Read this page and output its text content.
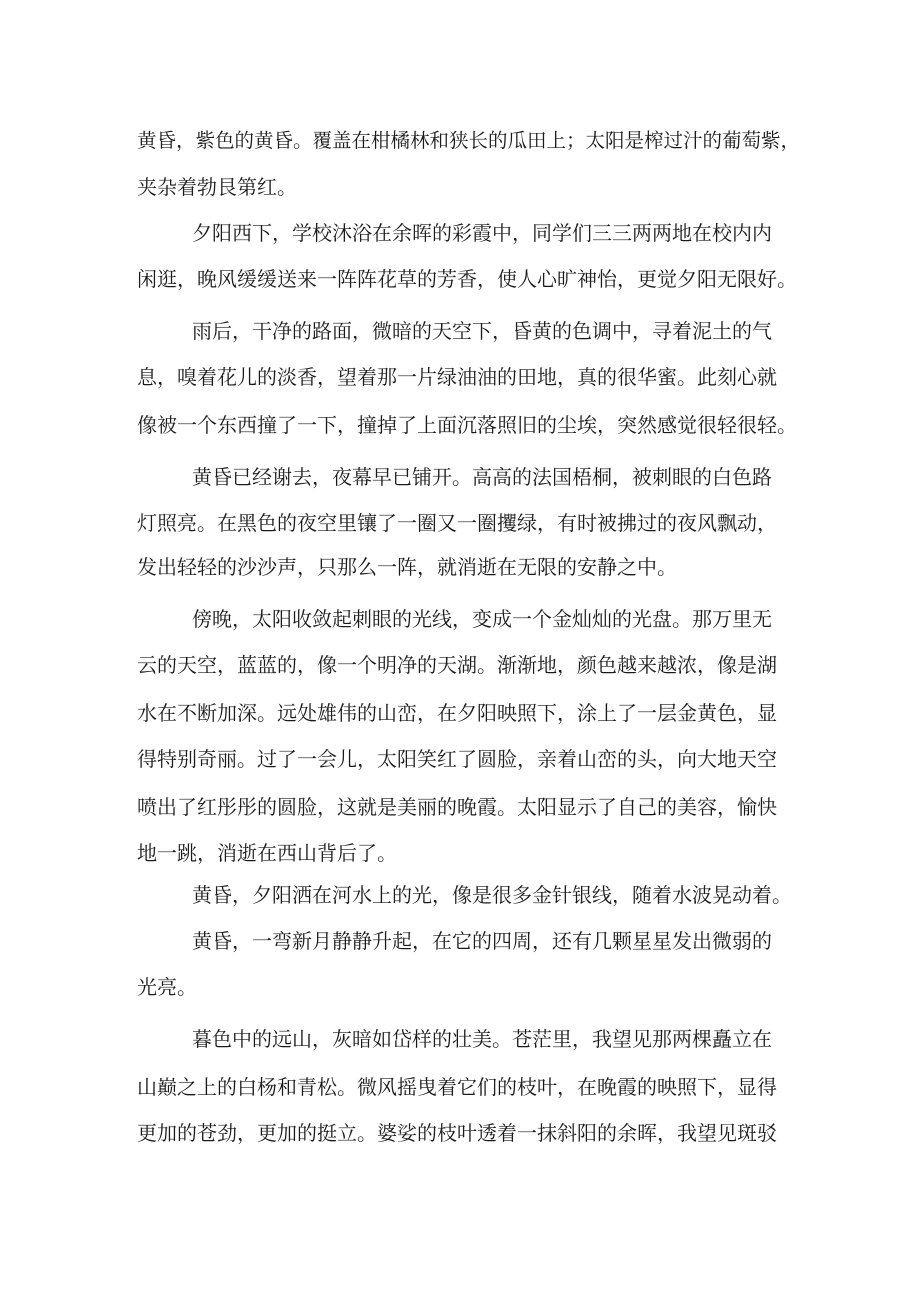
黄昏，紫色的黄昏。覆盖在柑橘林和狭长的瓜田上；太阳是榨过汁的葡萄紫，

夹杂着勃艮第红。

夕阳西下，学校沐浴在余晖的彩霞中，同学们三三两两地在校内内

闲逛，晚风缓缓送来一阵阵花草的芳香，使人心旷神怡，更觉夕阳无限好。

雨后，干净的路面，微暗的天空下，昏黄的色调中，寻着泥土的气

息，嗅着花儿的淡香，望着那一片绿油油的田地，真的很华蜜。此刻心就

像被一个东西撞了一下，撞掉了上面沉落照旧的尘埃，突然感觉很轻很轻。

黄昏已经谢去，夜幕早已铺开。高高的法国梧桐，被刺眼的白色路

灯照亮。在黑色的夜空里镶了一圈又一圈攫绿，有时被拂过的夜风飘动，

发出轻轻的沙沙声，只那么一阵，就消逝在无限的安静之中。

傍晚，太阳收敛起刺眼的光线，变成一个金灿灿的光盘。那万里无

云的天空，蓝蓝的，像一个明净的天湖。渐渐地，颜色越来越浓，像是湖

水在不断加深。远处雄伟的山峦，在夕阳映照下，涂上了一层金黄色，显

得特别奇丽。过了一会儿，太阳笑红了圆脸，亲着山峦的头，向大地天空

喷出了红彤彤的圆脸，这就是美丽的晚霞。太阳显示了自己的美容，愉快

地一跳，消逝在西山背后了。

黄昏，夕阳洒在河水上的光，像是很多金针银线，随着水波晃动着。

黄昏，一弯新月静静升起，在它的四周，还有几颗星星发出微弱的

光亮。

暮色中的远山，灰暗如岱样的壮美。苍茫里，我望见那两棵矗立在

山巅之上的白杨和青松。微风摇曳着它们的枝叶，在晚霞的映照下，显得

更加的苍劲，更加的挺立。婆娑的枝叶透着一抹斜阳的余晖，我望见斑驳
